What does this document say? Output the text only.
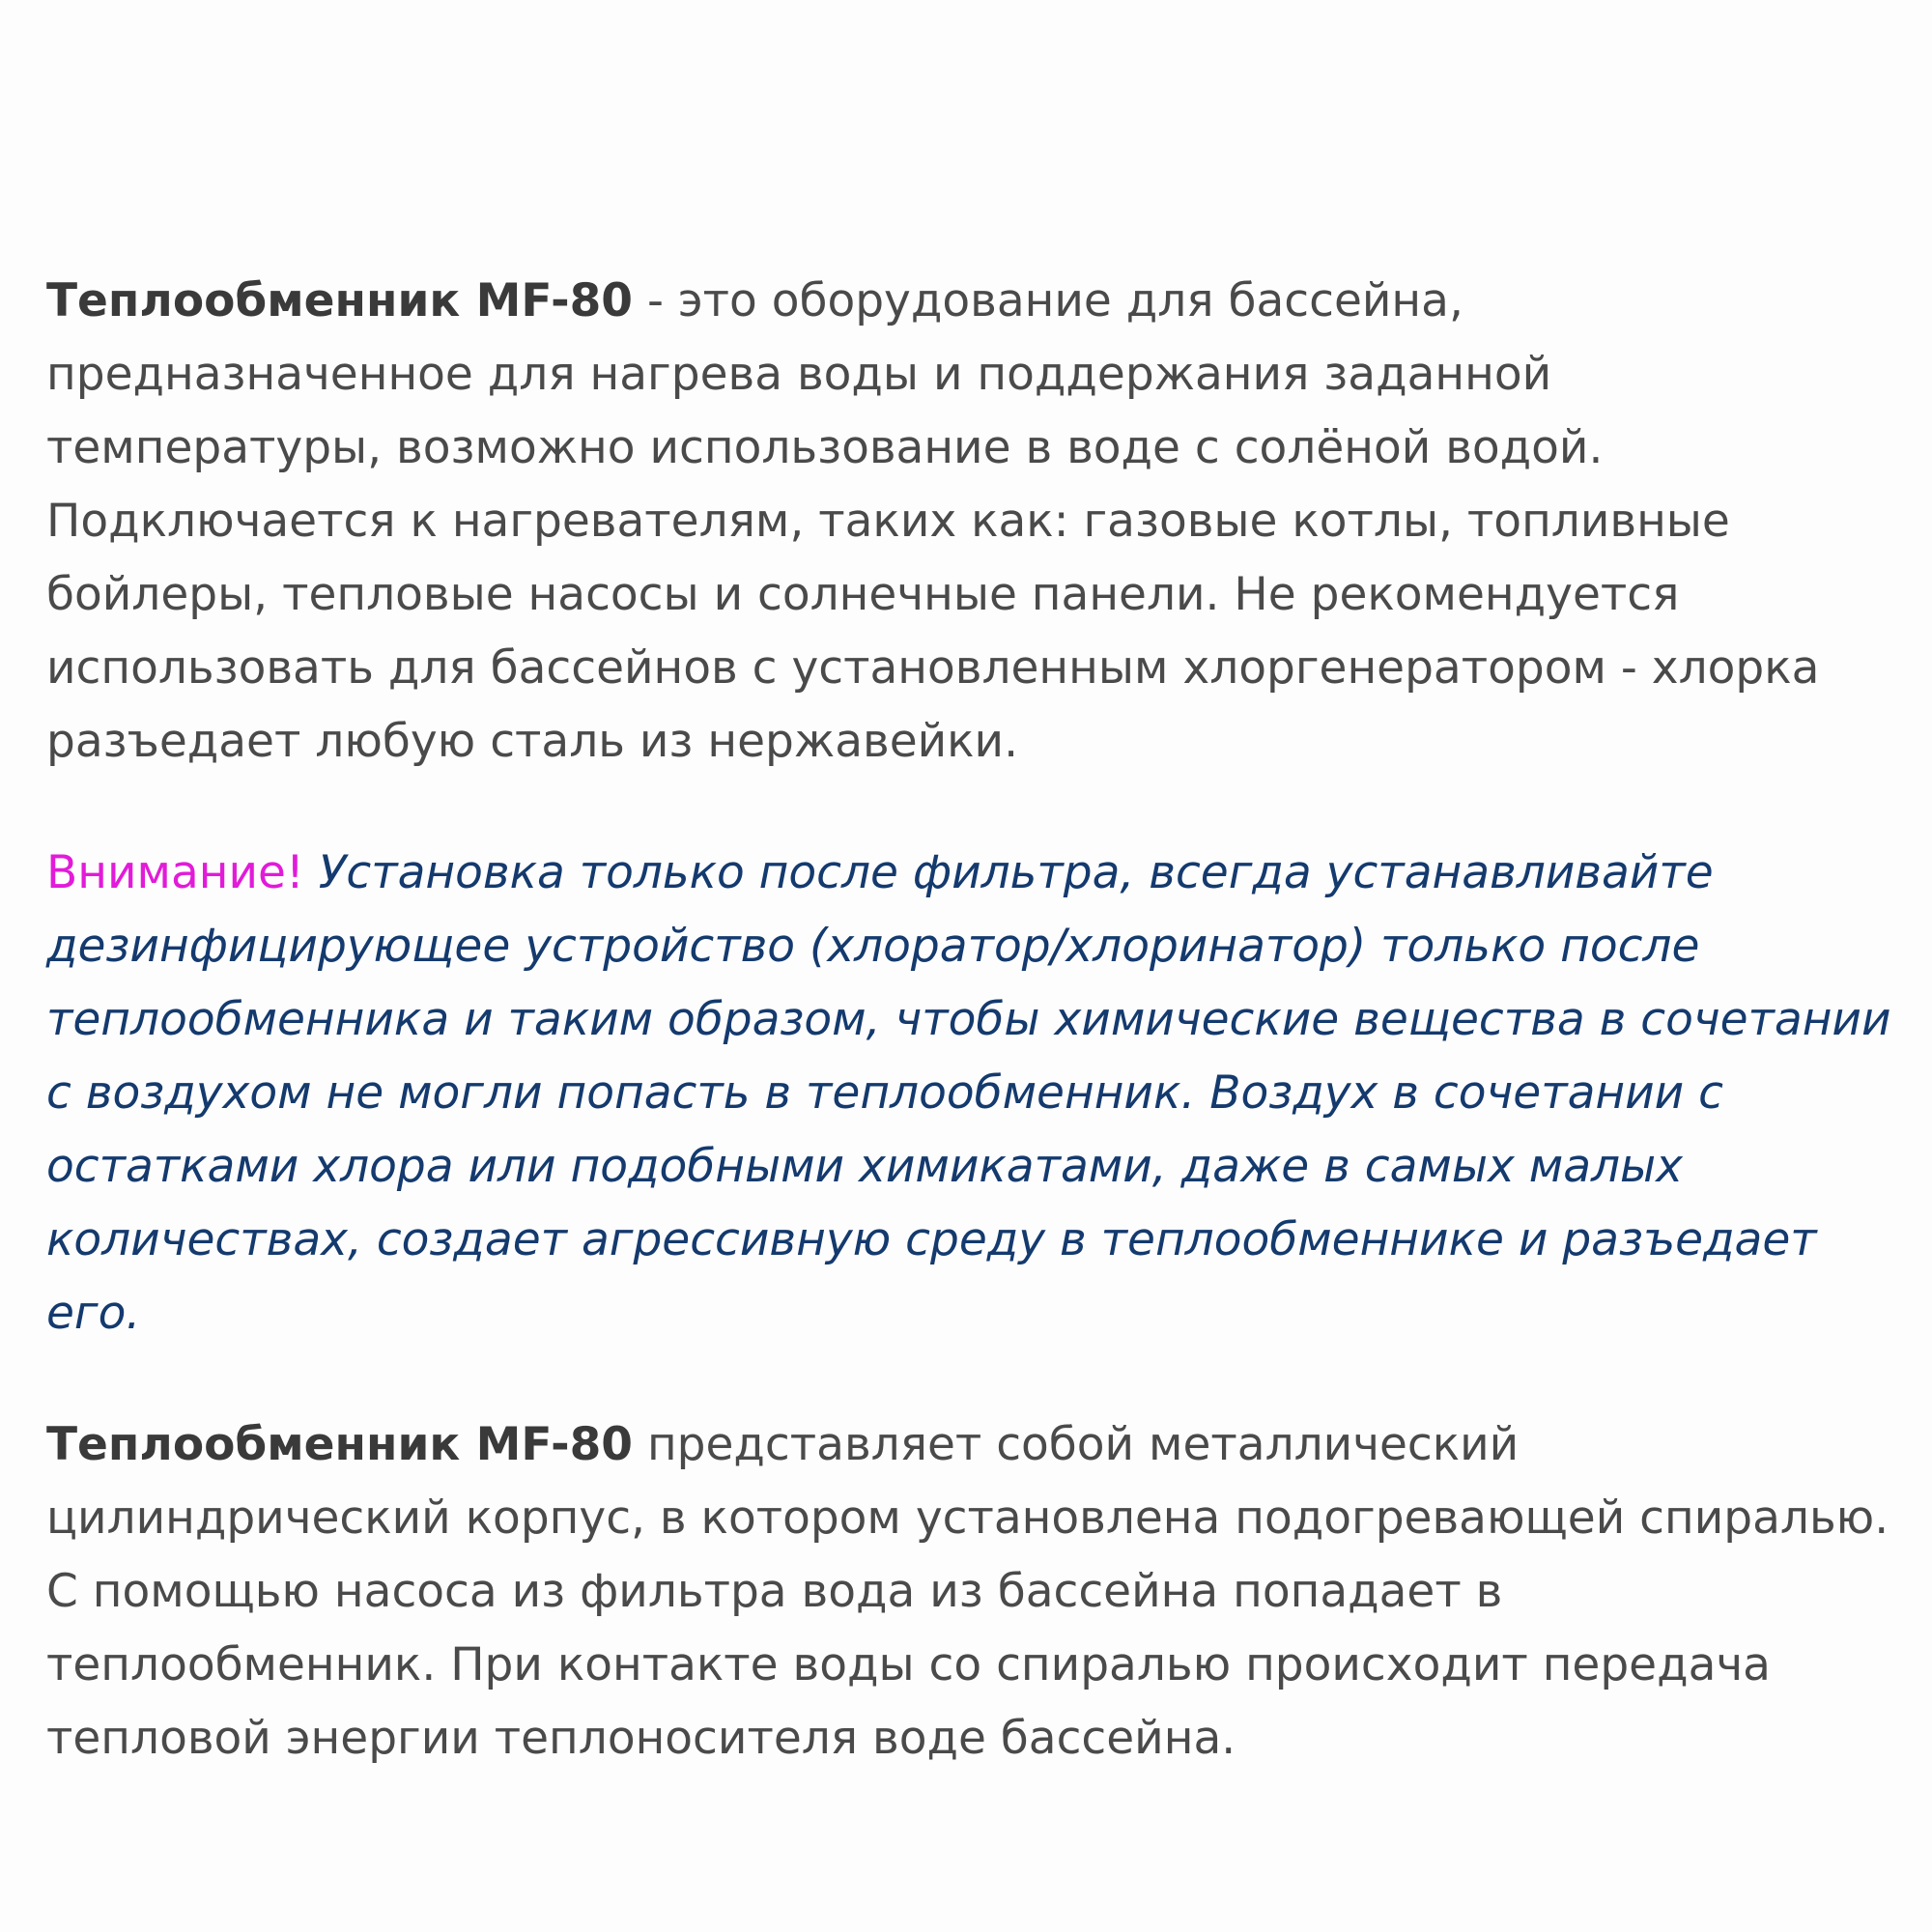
Теплообменник MF-80 - это оборудование для бассейна, предназначенное для нагрева воды и поддержания заданной температуры, возможно использование в воде с солёной водой. Подключается к нагревателям, таких как: газовые котлы, топливные бойлеры, тепловые насосы и солнечные панели. Не рекомендуется использовать для бассейнов с установленным хлоргенератором - хлорка разъедает любую сталь из нержавейки.

Внимание! Установка только после фильтра, всегда устанавливайте дезинфицирующее устройство (хлоратор/хлоринатор) только после теплообменника и таким образом, чтобы химические вещества в сочетании с воздухом не могли попасть в теплообменник. Воздух в сочетании с остатками хлора или подобными химикатами, даже в самых малых количествах, создает агрессивную среду в теплообменнике и разъедает его.

Теплообменник MF-80 представляет собой металлический цилиндрический корпус, в котором установлена подогревающей спиралью. С помощью насоса из фильтра вода из бассейна попадает в теплообменник. При контакте воды со спиралью происходит передача тепловой энергии теплоносителя воде бассейна.
